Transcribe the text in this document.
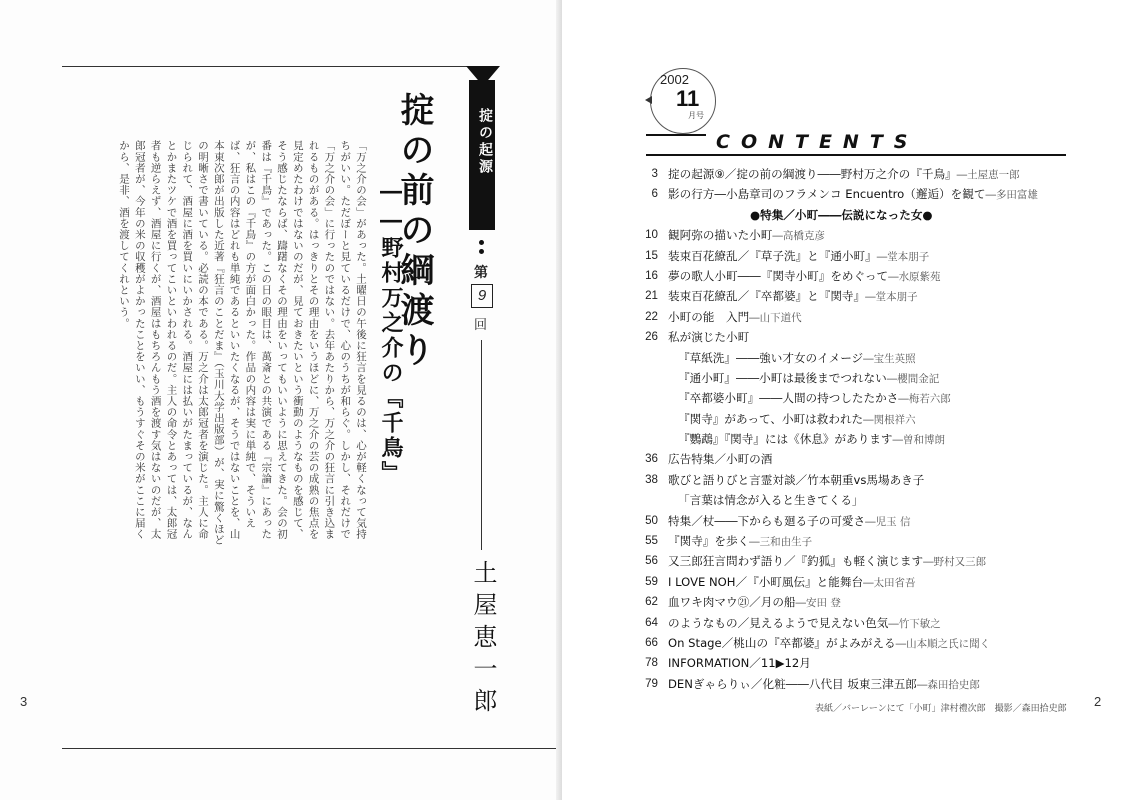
「万之介の会」があった。土曜日の午後に狂言を見るのは、心が軽くなって気持ちがいい。ただぼーと見ているだけで、心のうちが和らぐ。しかし、それだけで「万之介の会」に行ったのではない。去年あたりから、万之介の狂言に引き込まれるものがある。はっきりとその理由をいうほどに、万之介の芸の成熟の焦点を見定めたわけではないのだが、見ておきたいという衝動のようなものを感じて、そう感じたならば、躊躇なくその理由をいってもいいように思えてきた。会の初番は『千鳥』であった。この日の眼目は、萬斎との共演である『宗論』にあったが、私はこの『千鳥』の方が面白かった。作品の内容は実に単純で、そういえば、狂言の内容はどれも単純であるといいたくなるが、そうではないことを、山本東次郎が出版した近著『狂言のことだま』（玉川大学出版部）が、実に驚くほどの明晰さで書いている。必読の本である。万之介は太郎冠者を演じた。主人に命じられて、酒屋に酒を買いにいかされる。酒屋には払いがたまっているが、なんとかまたツケで酒を買ってこいといわれるのだ。主人の命令とあっては、太郎冠者も逆らえず、酒屋に行くが、酒屋はもちろんもう酒を渡す気はないのだが、太郎冠者が、今年の米の収穫がよかったことをいい、もうすぐその米がここに届くから、是非、酒を渡してくれという。	掟の前の綱渡り
――野村万之介の『千鳥』
掟の起源
第
9
回
土屋恵一郎
3
2002
11
月号
CONTENTS
3 掟の起源⑨／掟の前の綱渡り――野村万之介の『千鳥』―土屋恵一郎
6 影の行方―小島章司のフラメンコ Encuentro（邂逅）を観て―多田富雄
●特集／小町――伝説になった女●
10 観阿弥の描いた小町―高橋克彦
15 装束百花繚乱／『草子洗』と『通小町』―堂本朋子
16 夢の歌人小町――『関寺小町』をめぐって―水原紫苑
21 装束百花繚乱／『卒都婆』と『関寺』―堂本朋子
22 小町の能　入門―山下道代
26 私が演じた小町
『草紙洗』――強い才女のイメージ―宝生英照
『通小町』――小町は最後までつれない―櫻間金記
『卒都婆小町』――人間の持つしたたかさ―梅若六郎
『関寺』があって、小町は救われた―関根祥六
『鸚鵡』『関寺』には《休息》があります―曽和博朗
36 広告特集／小町の酒
38 歌びと語りびと言霊対談／竹本朝重vs馬場あき子
「言葉は情念が入ると生きてくる」
50 特集／杖――下からも廻る子の可愛さ―児玉 信
55 『関寺』を歩く―三和由生子
56 又三郎狂言問わず語り／『釣狐』も軽く演じます―野村又三郎
59 I LOVE NOH／『小町風伝』と能舞台―太田省吾
62 血ワキ肉マウ㉑／月の船―安田 登
64 のようなもの／見えるようで見えない色気―竹下敏之
66 On Stage／桃山の『卒都婆』がよみがえる―山本順之氏に聞く
78 INFORMATION／11▶12月
79 DENぎゃらりぃ／化粧――八代目 坂東三津五郎―森田拾史郎
表紙／バーレーンにて「小町」津村禮次郎　撮影／森田拾史郎 2
